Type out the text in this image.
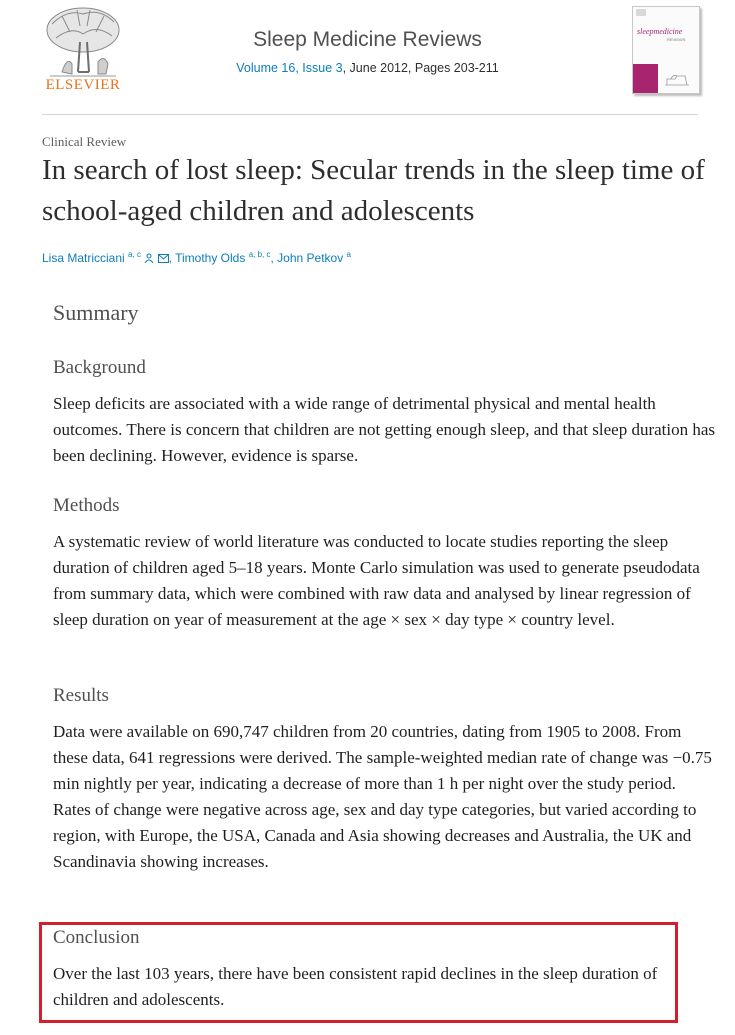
ELSEVIER
Sleep Medicine Reviews
Volume 16, Issue 3, June 2012, Pages 203-211
sleepmedicine
REVIEWS
Clinical Review
In search of lost sleep: Secular trends in the sleep time of school-aged children and adolescents
Lisa Matricciani $^{a, c}$ , Timothy Olds $^{a, b, c}$, John Petkov $^a$
Summary
Background

Sleep deficits are associated with a wide range of detrimental physical and mental health outcomes. There is concern that children are not getting enough sleep, and that sleep duration has been declining. However, evidence is sparse.

Methods

A systematic review of world literature was conducted to locate studies reporting the sleep duration of children aged 5–18 years. Monte Carlo simulation was used to generate pseudodata from summary data, which were combined with raw data and analysed by linear regression of sleep duration on year of measurement at the age × sex × day type × country level.

Results

Data were available on 690,747 children from 20 countries, dating from 1905 to 2008. From these data, 641 regressions were derived. The sample-weighted median rate of change was −0.75 min nightly per year, indicating a decrease of more than 1 h per night over the study period. Rates of change were negative across age, sex and day type categories, but varied according to region, with Europe, the USA, Canada and Asia showing decreases and Australia, the UK and Scandinavia showing increases.

Conclusion

Over the last 103 years, there have been consistent rapid declines in the sleep duration of children and adolescents.
